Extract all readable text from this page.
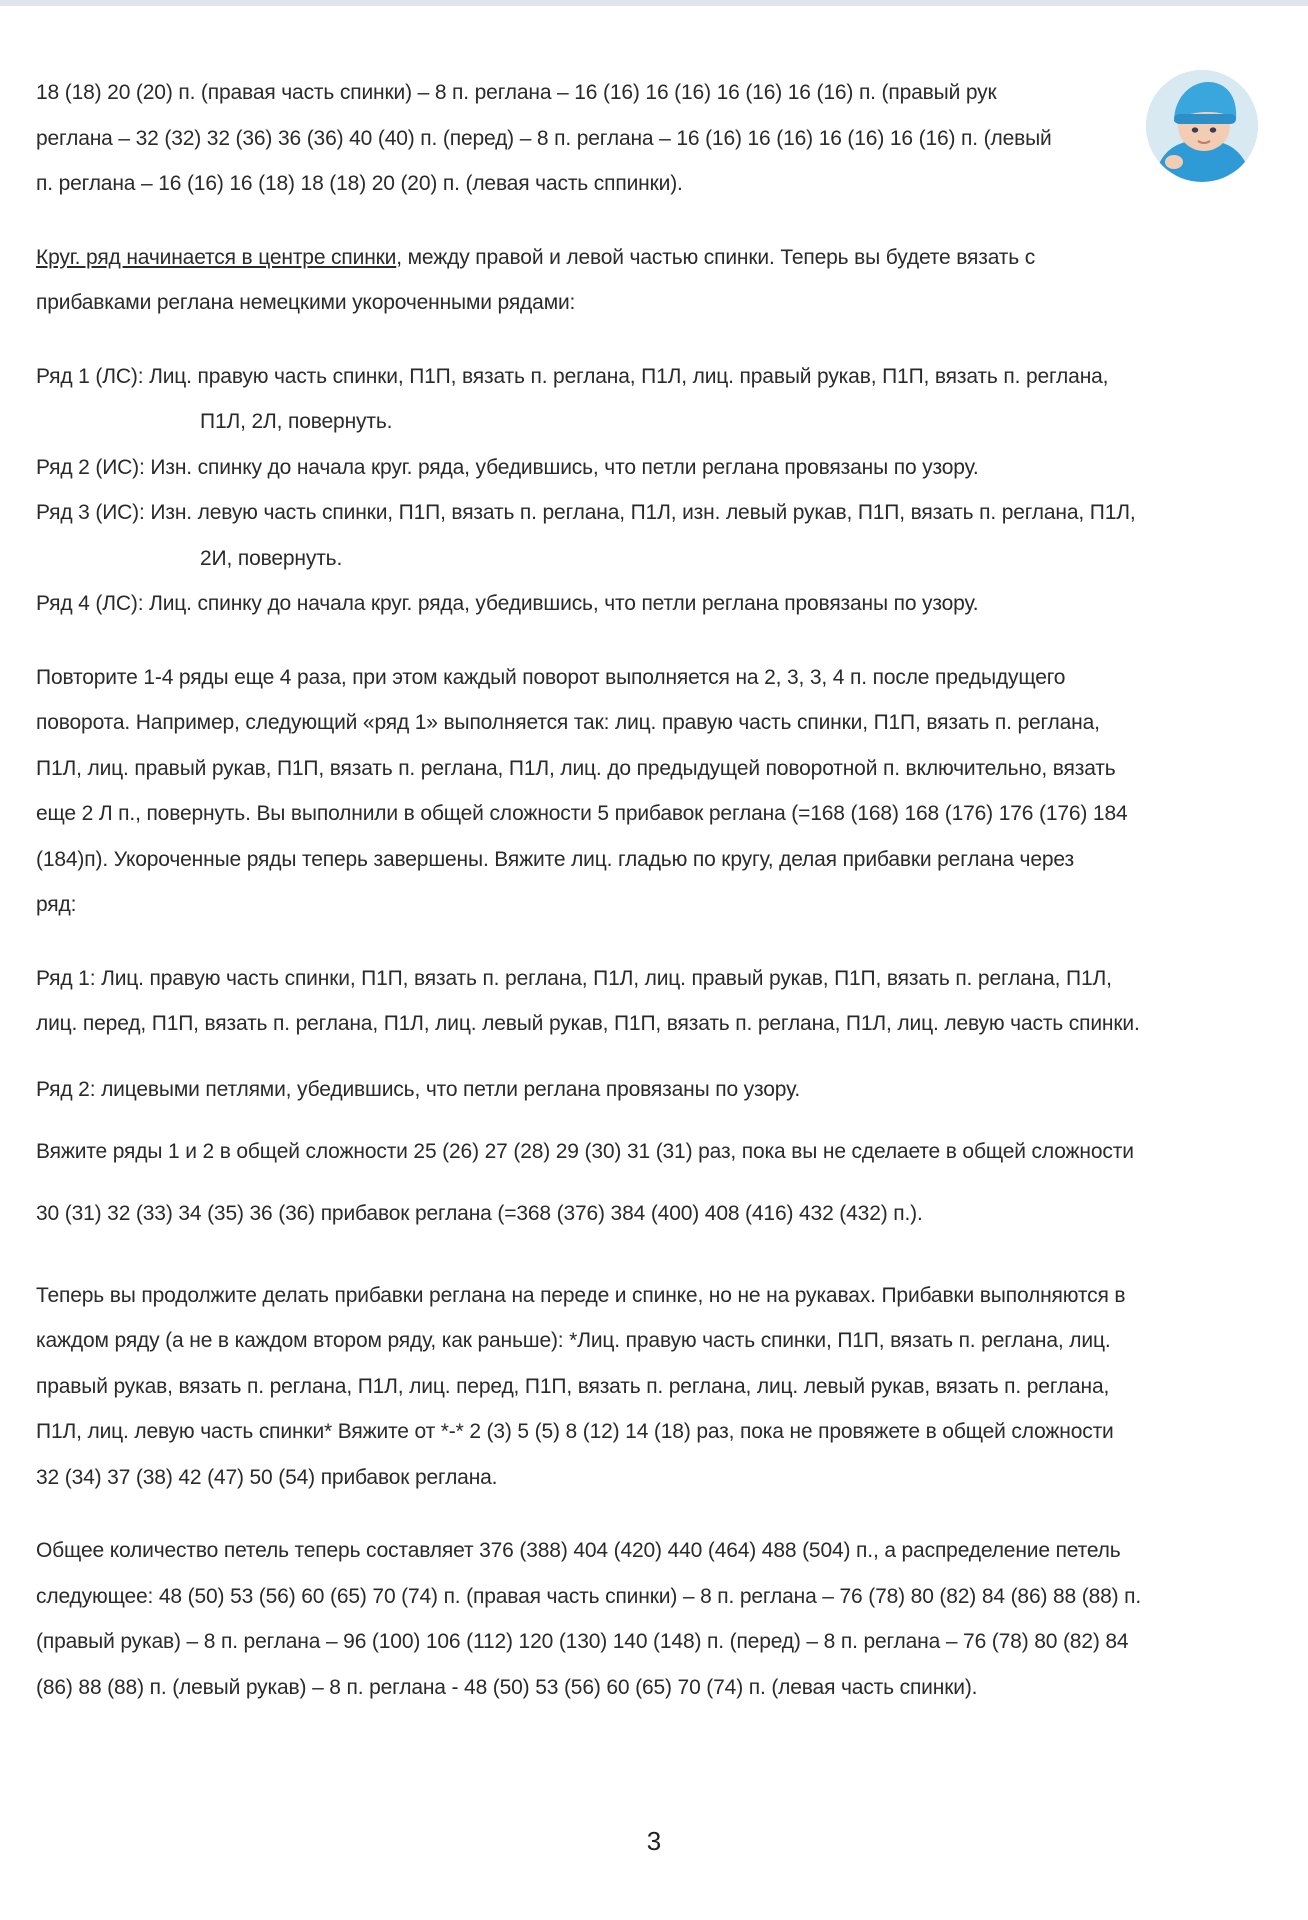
18 (18) 20 (20) п. (правая часть спинки) – 8 п. реглана – 16 (16) 16 (16) 16 (16) 16 (16) п. (правый рук

реглана – 32 (32) 32 (36) 36 (36) 40 (40) п. (перед) – 8 п. реглана – 16 (16) 16 (16) 16 (16) 16 (16) п. (левый

п. реглана – 16 (16) 16 (18) 18 (18) 20 (20) п. (левая часть сппинки).

Круг. ряд начинается в центре спинки, между правой и левой частью спинки. Теперь вы будете вязать с

прибавками реглана немецкими укороченными рядами:

Ряд 1 (ЛС): Лиц. правую часть спинки, П1П, вязать п. реглана, П1Л, лиц. правый рукав, П1П, вязать п. реглана,

П1Л, 2Л, повернуть.

Ряд 2 (ИС): Изн. спинку до начала круг. ряда, убедившись, что петли реглана провязаны по узору.

Ряд 3 (ИС): Изн. левую часть спинки, П1П, вязать п. реглана, П1Л, изн. левый рукав, П1П, вязать п. реглана, П1Л,

2И, повернуть.

Ряд 4 (ЛС): Лиц. спинку до начала круг. ряда, убедившись, что петли реглана провязаны по узору.

Повторите 1-4 ряды еще 4 раза, при этом каждый поворот выполняется на 2, 3, 3, 4 п. после предыдущего

поворота. Например, следующий «ряд 1» выполняется так: лиц. правую часть спинки, П1П, вязать п. реглана,

П1Л, лиц. правый рукав, П1П, вязать п. реглана, П1Л, лиц. до предыдущей поворотной п. включительно, вязать

еще 2 Л п., повернуть. Вы выполнили в общей сложности 5 прибавок реглана (=168 (168) 168 (176) 176 (176) 184

(184)п). Укороченные ряды теперь завершены. Вяжите лиц. гладью по кругу, делая прибавки реглана через

ряд:

Ряд 1: Лиц. правую часть спинки, П1П, вязать п. реглана, П1Л, лиц. правый рукав, П1П, вязать п. реглана, П1Л,

лиц. перед, П1П, вязать п. реглана, П1Л, лиц. левый рукав, П1П, вязать п. реглана, П1Л, лиц. левую часть спинки.

Ряд 2: лицевыми петлями, убедившись, что петли реглана провязаны по узору.

Вяжите ряды 1 и 2 в общей сложности 25 (26) 27 (28) 29 (30) 31 (31) раз, пока вы не сделаете в общей сложности

30 (31) 32 (33) 34 (35) 36 (36) прибавок реглана (=368 (376) 384 (400) 408 (416) 432 (432) п.).

Теперь вы продолжите делать прибавки реглана на переде и спинке, но не на рукавах. Прибавки выполняются в

каждом ряду (а не в каждом втором ряду, как раньше): *Лиц. правую часть спинки, П1П, вязать п. реглана, лиц.

правый рукав, вязать п. реглана, П1Л, лиц. перед, П1П, вязать п. реглана, лиц. левый рукав, вязать п. реглана,

П1Л, лиц. левую часть спинки* Вяжите от *-* 2 (3) 5 (5) 8 (12) 14 (18) раз, пока не провяжете в общей сложности

32 (34) 37 (38) 42 (47) 50 (54) прибавок реглана.

Общее количество петель теперь составляет 376 (388) 404 (420) 440 (464) 488 (504) п., а распределение петель

следующее: 48 (50) 53 (56) 60 (65) 70 (74) п. (правая часть спинки) – 8 п. реглана – 76 (78) 80 (82) 84 (86) 88 (88) п.

(правый рукав) – 8 п. реглана – 96 (100) 106 (112) 120 (130) 140 (148) п. (перед) – 8 п. реглана – 76 (78) 80 (82) 84

(86) 88 (88) п. (левый рукав) – 8 п. реглана - 48 (50) 53 (56) 60 (65) 70 (74) п. (левая часть спинки).

3
